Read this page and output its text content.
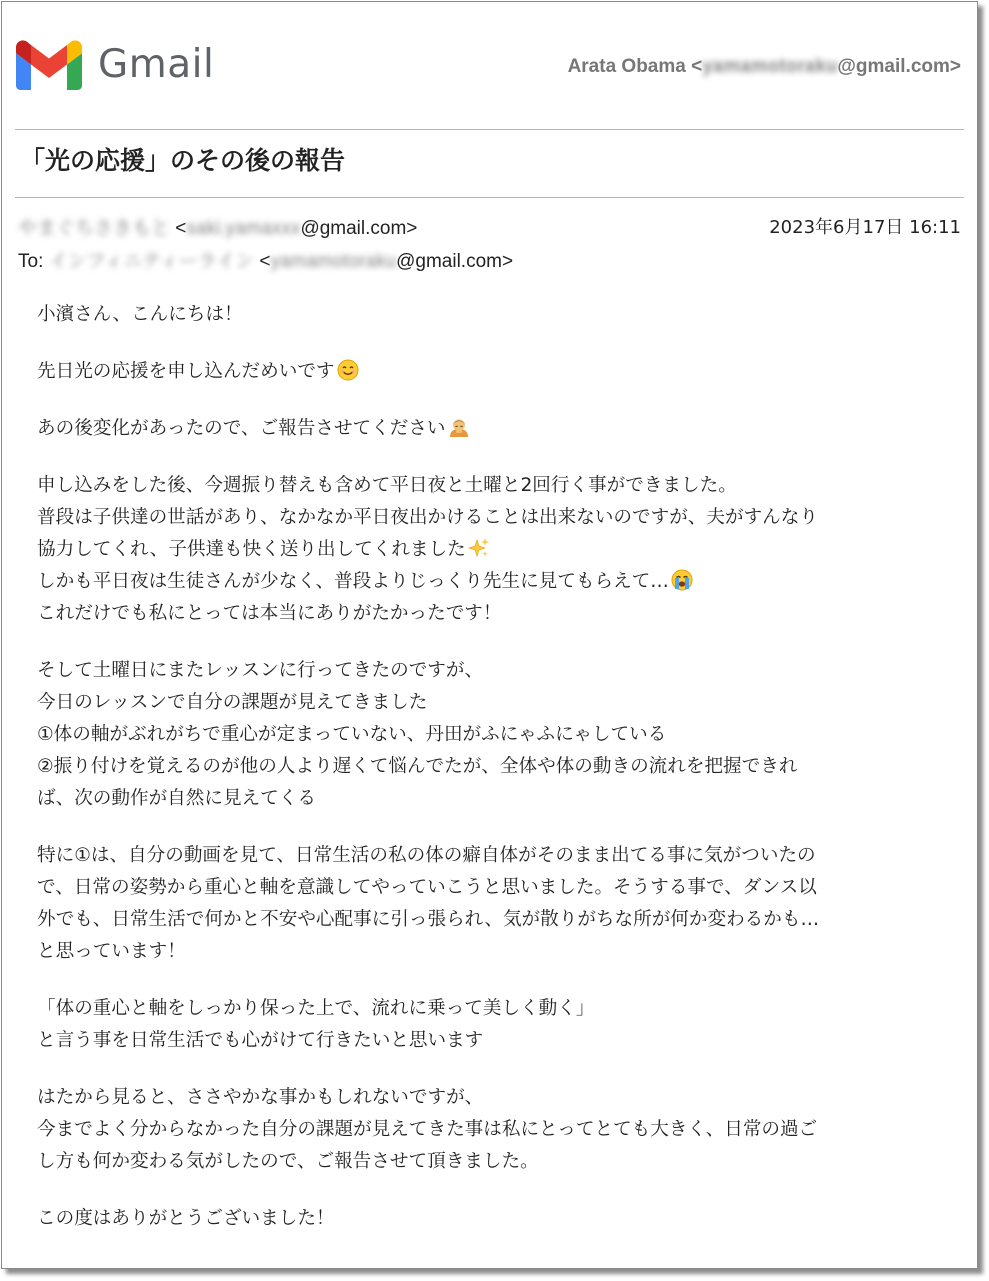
Gmail	Arata Obama <yamamotoraku@gmail.com>
「光の応援」のその後の報告
やまぐちさきもと <saki.yamaxxx@gmail.com>	2023年6月17日 16:11
To: インフィニティーライン <yamamotoraku@gmail.com>
小濱さん、こんにちは！
先日光の応援を申し込んだめいです
あの後変化があったので、ご報告させてください
申し込みをした後、今週振り替えも含めて平日夜と土曜と2回行く事ができました。
普段は子供達の世話があり、なかなか平日夜出かけることは出来ないのですが、夫がすんなり
協力してくれ、子供達も快く送り出してくれました
しかも平日夜は生徒さんが少なく、普段よりじっくり先生に見てもらえて…
これだけでも私にとっては本当にありがたかったです！
そして土曜日にまたレッスンに行ってきたのですが、
今日のレッスンで自分の課題が見えてきました
①体の軸がぶれがちで重心が定まっていない、丹田がふにゃふにゃしている
②振り付けを覚えるのが他の人より遅くて悩んでたが、全体や体の動きの流れを把握できれ
ば、次の動作が自然に見えてくる
特に①は、自分の動画を見て、日常生活の私の体の癖自体がそのまま出てる事に気がついたの
で、日常の姿勢から重心と軸を意識してやっていこうと思いました。そうする事で、ダンス以
外でも、日常生活で何かと不安や心配事に引っ張られ、気が散りがちな所が何か変わるかも…
と思っています！
「体の重心と軸をしっかり保った上で、流れに乗って美しく動く」
と言う事を日常生活でも心がけて行きたいと思います
はたから見ると、ささやかな事かもしれないですが、
今までよく分からなかった自分の課題が見えてきた事は私にとってとても大きく、日常の過ご
し方も何か変わる気がしたので、ご報告させて頂きました。
この度はありがとうございました！
